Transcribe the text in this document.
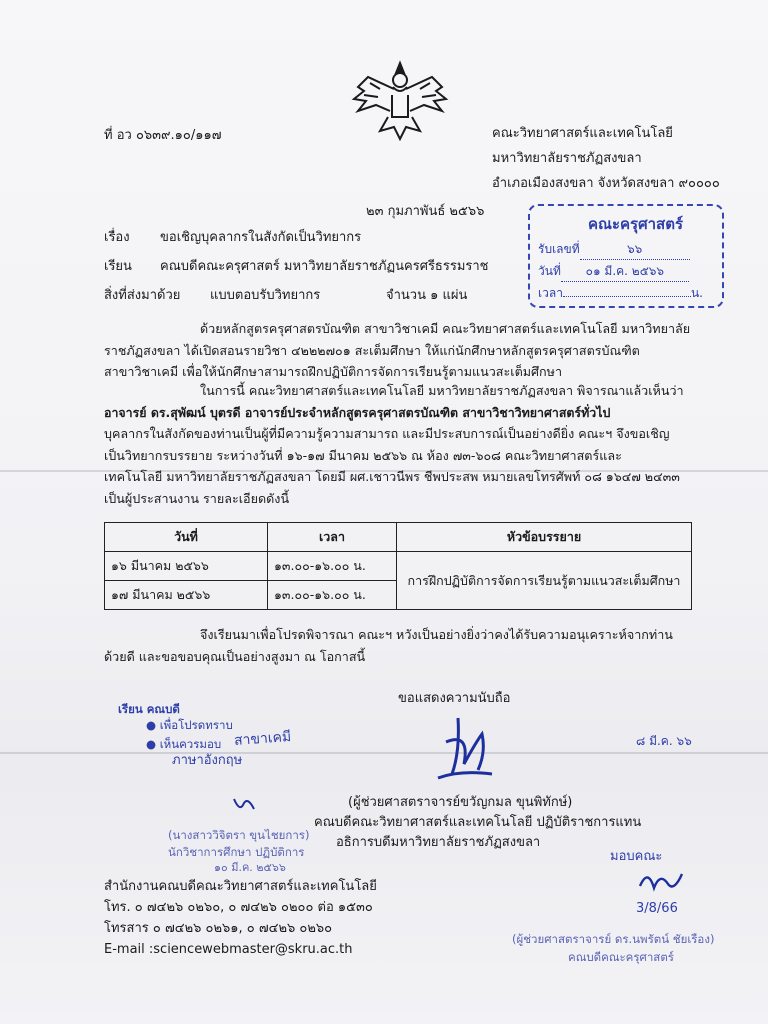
ที่ อว ๐๖๓๙.๑๐/๑๑๗	คณะวิทยาศาสตร์และเทคโนโลยี
มหาวิทยาลัยราชภัฏสงขลา
อำเภอเมืองสงขลา จังหวัดสงขลา ๙๐๐๐๐
๒๓ กุมภาพันธ์ ๒๕๖๖
คณะครุศาสตร์
รับเลขที่	๖๖
วันที่ ๐๑ มี.ค. ๒๕๖๖
เวลา	น.
เรื่อง ขอเชิญบุคลากรในสังกัดเป็นวิทยากร
เรียน คณบดีคณะครุศาสตร์ มหาวิทยาลัยราชภัฏนครศรีธรรมราช
สิ่งที่ส่งมาด้วย แบบตอบรับวิทยากร	จำนวน ๑ แผ่น
ด้วยหลักสูตรครุศาสตรบัณฑิต สาขาวิชาเคมี คณะวิทยาศาสตร์และเทคโนโลยี มหาวิทยาลัย
ราชภัฏสงขลา ได้เปิดสอนรายวิชา ๔๒๒๒๗๐๑ สะเต็มศึกษา ให้แก่นักศึกษาหลักสูตรครุศาสตรบัณฑิต
สาขาวิชาเคมี เพื่อให้นักศึกษาสามารถฝึกปฏิบัติการจัดการเรียนรู้ตามแนวสะเต็มศึกษา
ในการนี้ คณะวิทยาศาสตร์และเทคโนโลยี มหาวิทยาลัยราชภัฏสงขลา พิจารณาแล้วเห็นว่า
อาจารย์ ดร.สุพัฒน์ บุตรดี อาจารย์ประจำหลักสูตรครุศาสตรบัณฑิต สาขาวิชาวิทยาศาสตร์ทั่วไป
บุคลากรในสังกัดของท่านเป็นผู้ที่มีความรู้ความสามารถ และมีประสบการณ์เป็นอย่างดียิ่ง คณะฯ จึงขอเชิญ
เป็นวิทยากรบรรยาย ระหว่างวันที่ ๑๖-๑๗ มีนาคม ๒๕๖๖ ณ ห้อง ๗๓-๖๐๘ คณะวิทยาศาสตร์และ
เทคโนโลยี มหาวิทยาลัยราชภัฏสงขลา โดยมี ผศ.เชาวนีพร ชีพประสพ หมายเลขโทรศัพท์ ๐๘ ๑๖๔๗ ๒๔๓๓
เป็นผู้ประสานงาน รายละเอียดดังนี้
วันที่	เวลา	หัวข้อบรรยาย
๑๖ มีนาคม ๒๕๖๖	๑๓.๐๐-๑๖.๐๐ น.	การฝึกปฏิบัติการจัดการเรียนรู้ตามแนวสะเต็มศึกษา
๑๗ มีนาคม ๒๕๖๖	๑๓.๐๐-๑๖.๐๐ น.	
จึงเรียนมาเพื่อโปรดพิจารณา คณะฯ หวังเป็นอย่างยิ่งว่าคงได้รับความอนุเคราะห์จากท่าน
ด้วยดี และขอขอบคุณเป็นอย่างสูงมา ณ โอกาสนี้
ขอแสดงความนับถือ
เรียน คณบดี
● เพื่อโปรดทราบ
● เห็นควรมอบ สาขาเคมี
ภาษาอังกฤษ
(นางสาววิจิตรา ขุนไชยการ)
นักวิชาการศึกษา ปฏิบัติการ
๑๐ มี.ค. ๒๕๖๖
(ผู้ช่วยศาสตราจารย์ขวัญกมล ขุนพิทักษ์)
คณบดีคณะวิทยาศาสตร์และเทคโนโลยี ปฏิบัติราชการแทน
อธิการบดีมหาวิทยาลัยราชภัฏสงขลา
สำนักงานคณบดีคณะวิทยาศาสตร์และเทคโนโลยี
โทร. ๐ ๗๔๒๖ ๐๒๖๐, ๐ ๗๔๒๖ ๐๒๐๐ ต่อ ๑๕๓๐
โทรสาร ๐ ๗๔๒๖ ๐๒๖๑, ๐ ๗๔๒๖ ๐๒๖๐
E-mail :sciencewebmaster@skru.ac.th
๘ มี.ค. ๖๖
มอบคณะ
3/8/66
(ผู้ช่วยศาสตราจารย์ ดร.นพรัตน์ ชัยเรือง)
คณบดีคณะครุศาสตร์
